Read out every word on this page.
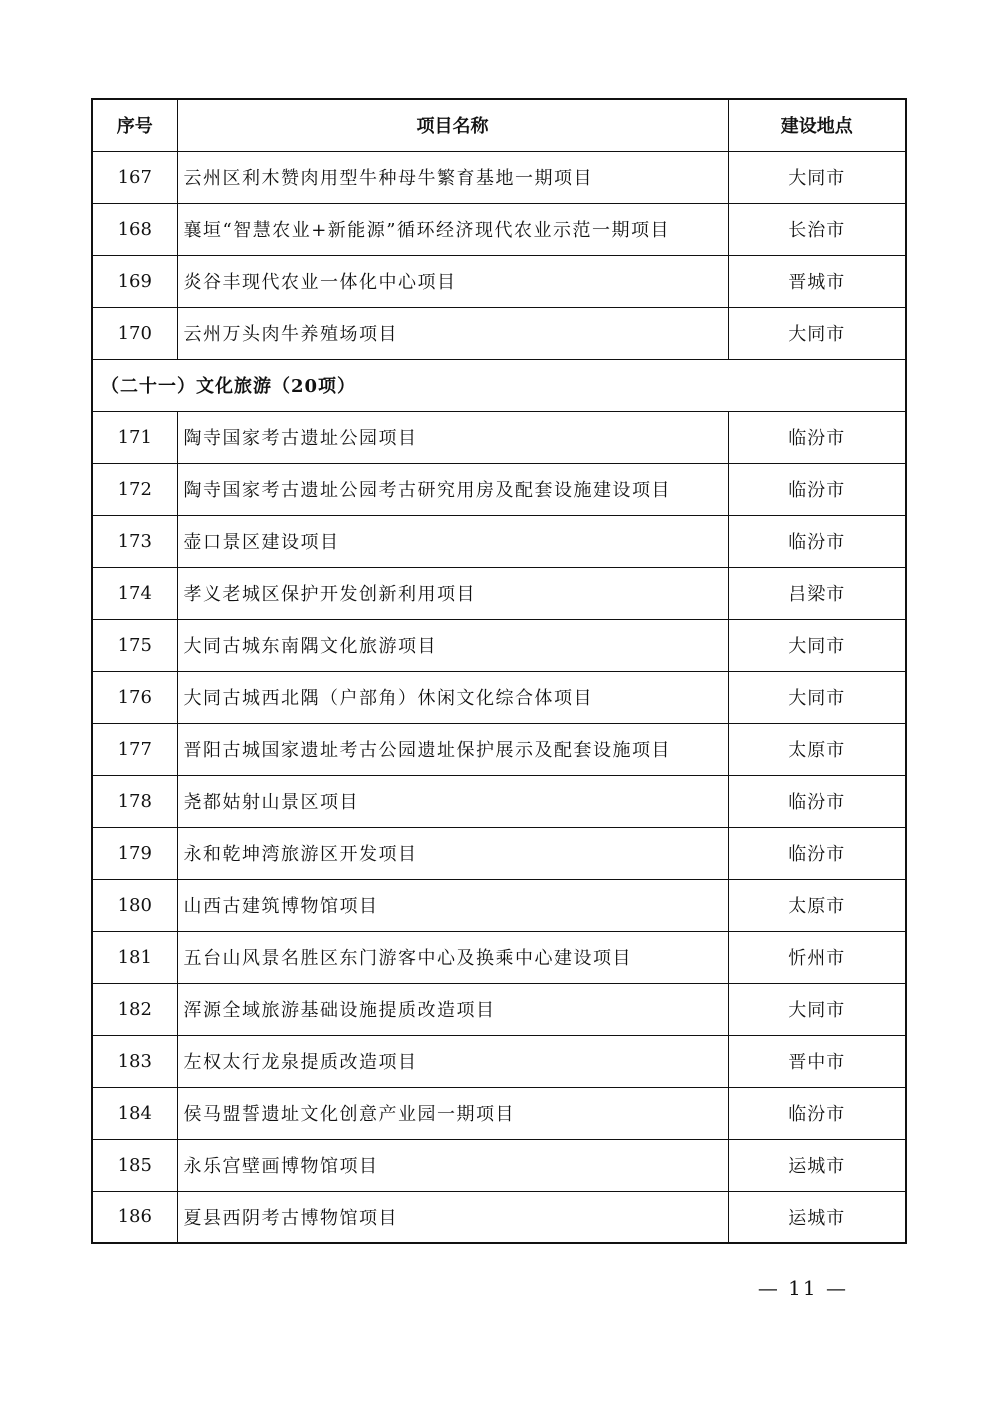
序号	项目名称	建设地点
167	云州区利木赞肉用型牛种母牛繁育基地一期项目	大同市
168	襄垣“智慧农业+新能源”循环经济现代农业示范一期项目	长治市
169	炎谷丰现代农业一体化中心项目	晋城市
170	云州万头肉牛养殖场项目	大同市
（二十一）文化旅游（20项）		
171	陶寺国家考古遗址公园项目	临汾市
172	陶寺国家考古遗址公园考古研究用房及配套设施建设项目	临汾市
173	壶口景区建设项目	临汾市
174	孝义老城区保护开发创新利用项目	吕梁市
175	大同古城东南隅文化旅游项目	大同市
176	大同古城西北隅（户部角）休闲文化综合体项目	大同市
177	晋阳古城国家遗址考古公园遗址保护展示及配套设施项目	太原市
178	尧都姑射山景区项目	临汾市
179	永和乾坤湾旅游区开发项目	临汾市
180	山西古建筑博物馆项目	太原市
181	五台山风景名胜区东门游客中心及换乘中心建设项目	忻州市
182	浑源全域旅游基础设施提质改造项目	大同市
183	左权太行龙泉提质改造项目	晋中市
184	侯马盟誓遗址文化创意产业园一期项目	临汾市
185	永乐宫壁画博物馆项目	运城市
186	夏县西阴考古博物馆项目	运城市
— 11 —
